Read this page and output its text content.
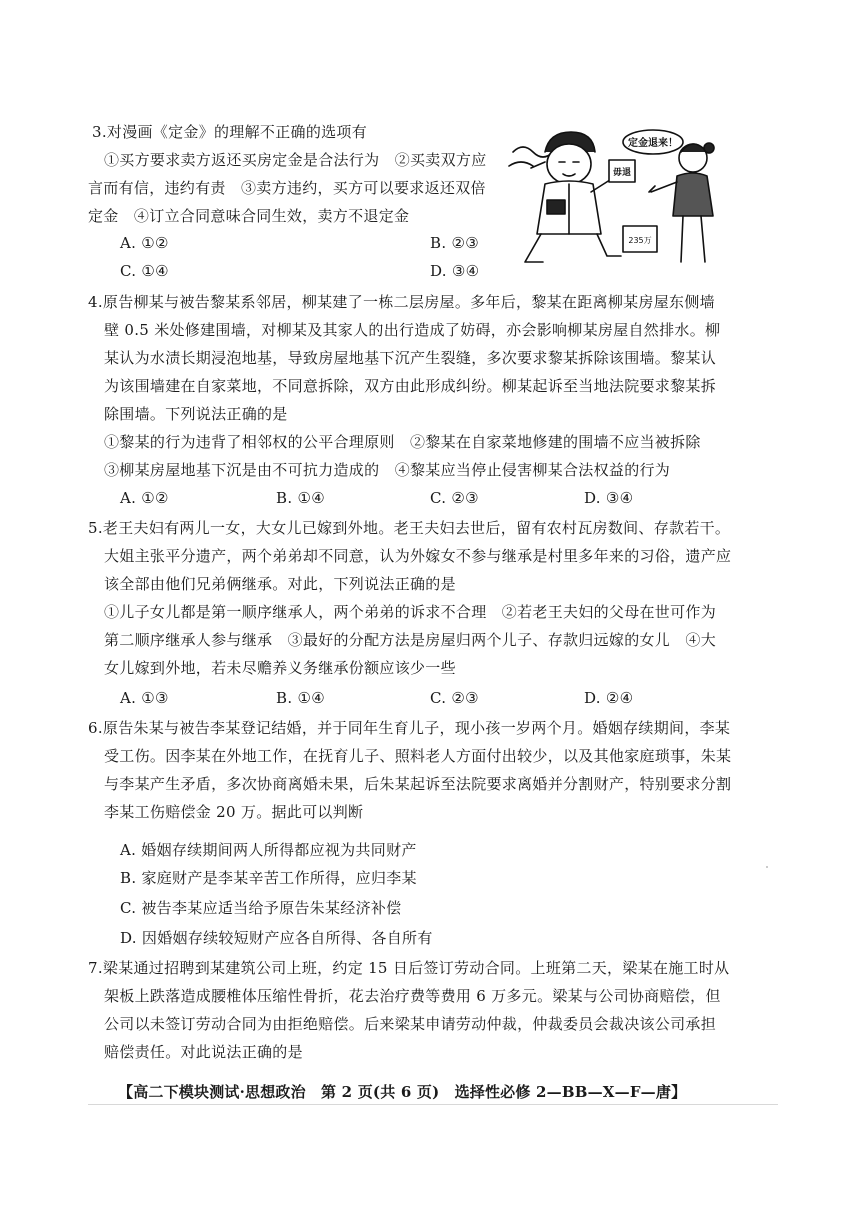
3.对漫画《定金》的理解不正确的选项有
①买方要求卖方返还买房定金是合法行为　②买卖双方应
言而有信，违约有责　③卖方违约，买方可以要求返还双倍
定金　④订立合同意味合同生效，卖方不退定金
A. ①②	B. ②③
C. ①④	D. ③④
定金退来！
毋退
235万
4.原告柳某与被告黎某系邻居，柳某建了一栋二层房屋。多年后，黎某在距离柳某房屋东侧墙
壁 0.5 米处修建围墙，对柳某及其家人的出行造成了妨碍，亦会影响柳某房屋自然排水。柳
某认为水渍长期浸泡地基，导致房屋地基下沉产生裂缝，多次要求黎某拆除该围墙。黎某认
为该围墙建在自家菜地，不同意拆除，双方由此形成纠纷。柳某起诉至当地法院要求黎某拆
除围墙。下列说法正确的是
①黎某的行为违背了相邻权的公平合理原则　②黎某在自家菜地修建的围墙不应当被拆除
③柳某房屋地基下沉是由不可抗力造成的　④黎某应当停止侵害柳某合法权益的行为
A. ①②	B. ①④	C. ②③	D. ③④
5.老王夫妇有两儿一女，大女儿已嫁到外地。老王夫妇去世后，留有农村瓦房数间、存款若干。
大姐主张平分遗产，两个弟弟却不同意，认为外嫁女不参与继承是村里多年来的习俗，遗产应
该全部由他们兄弟俩继承。对此，下列说法正确的是
①儿子女儿都是第一顺序继承人，两个弟弟的诉求不合理　②若老王夫妇的父母在世可作为
第二顺序继承人参与继承　③最好的分配方法是房屋归两个儿子、存款归远嫁的女儿　④大
女儿嫁到外地，若未尽赡养义务继承份额应该少一些
A. ①③	B. ①④	C. ②③	D. ②④
6.原告朱某与被告李某登记结婚，并于同年生育儿子，现小孩一岁两个月。婚姻存续期间，李某
受工伤。因李某在外地工作，在抚育儿子、照料老人方面付出较少，以及其他家庭琐事，朱某
与李某产生矛盾，多次协商离婚未果，后朱某起诉至法院要求离婚并分割财产，特别要求分割
李某工伤赔偿金 20 万。据此可以判断
A. 婚姻存续期间两人所得都应视为共同财产
B. 家庭财产是李某辛苦工作所得，应归李某
C. 被告李某应适当给予原告朱某经济补偿
D. 因婚姻存续较短财产应各自所得、各自所有
7.梁某通过招聘到某建筑公司上班，约定 15 日后签订劳动合同。上班第二天，梁某在施工时从
架板上跌落造成腰椎体压缩性骨折，花去治疗费等费用 6 万多元。梁某与公司协商赔偿，但
公司以未签订劳动合同为由拒绝赔偿。后来梁某申请劳动仲裁，仲裁委员会裁决该公司承担
赔偿责任。对此说法正确的是
【高二下模块测试·思想政治　第 2 页(共 6 页)　选择性必修 2—BB—X—F—唐】
